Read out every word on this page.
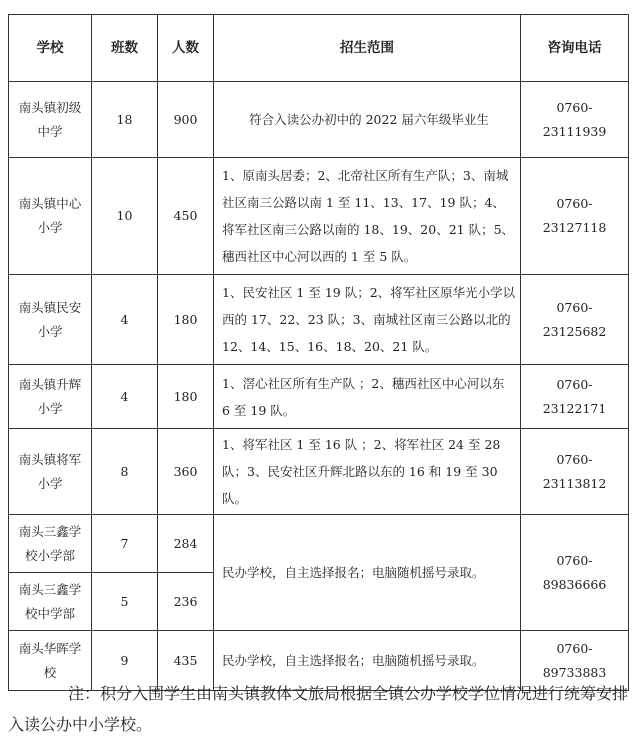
学校	班数	人数	招生范围	咨询电话
南头镇初级中学	18	900	符合入读公办初中的 2022 届六年级毕业生	0760-23111939
南头镇中心小学	10	450	1、原南头居委；2、北帝社区所有生产队；3、南城社区南三公路以南 1 至 11、13、17、19 队；4、将军社区南三公路以南的 18、19、20、21 队；5、穗西社区中心河以西的 1 至 5 队。	0760-23127118
南头镇民安小学	4	180	1、民安社区 1 至 19 队；2、将军社区原华光小学以西的 17、22、23 队；3、南城社区南三公路以北的 12、14、15、16、18、20、21 队。	0760-23125682
南头镇升辉小学	4	180	1、滘心社区所有生产队 ；2、穗西社区中心河以东 6 至 19 队。	0760-23122171
南头镇将军小学	8	360	1、将军社区 1 至 16 队 ；2、将军社区 24 至 28 队；3、民安社区升辉北路以东的 16 和 19 至 30 队。	0760-23113812
南头三鑫学校小学部	7	284	民办学校，自主选择报名；电脑随机摇号录取。	0760-89836666
南头三鑫学校中学部	5	236		
南头华晖学校	9	435	民办学校，自主选择报名；电脑随机摇号录取。	0760-89733883
注：积分入围学生由南头镇教体文旅局根据全镇公办学校学位情况进行统筹安排入读公办中小学校。
